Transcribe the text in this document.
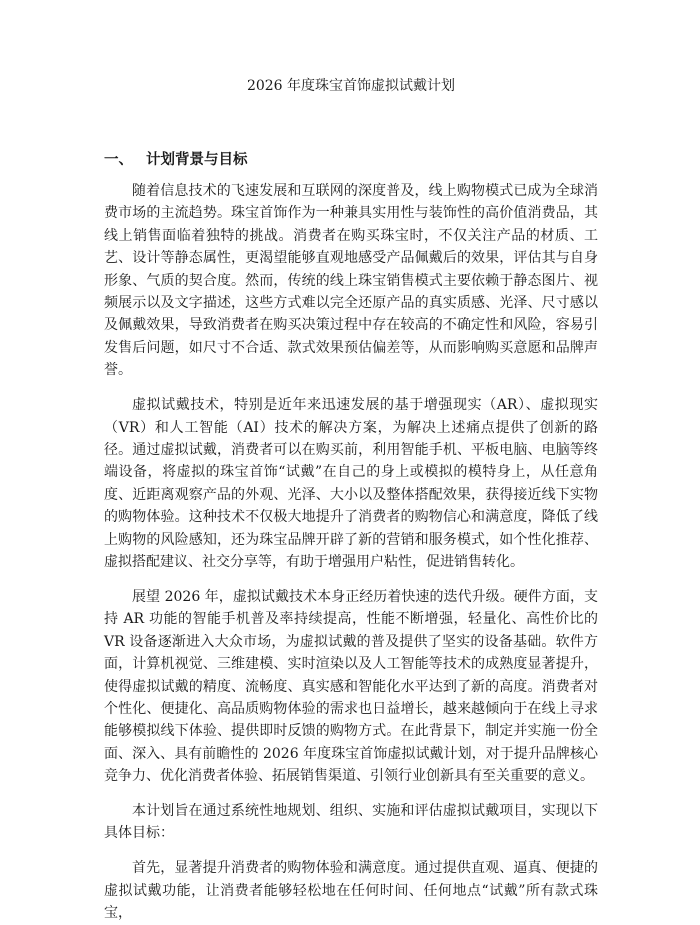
2026 年度珠宝首饰虚拟试戴计划
一、 计划背景与目标

随着信息技术的飞速发展和互联网的深度普及，线上购物模式已成为全球消费市场的主流趋势。珠宝首饰作为一种兼具实用性与装饰性的高价值消费品，其线上销售面临着独特的挑战。消费者在购买珠宝时，不仅关注产品的材质、工艺、设计等静态属性，更渴望能够直观地感受产品佩戴后的效果，评估其与自身形象、气质的契合度。然而，传统的线上珠宝销售模式主要依赖于静态图片、视频展示以及文字描述，这些方式难以完全还原产品的真实质感、光泽、尺寸感以及佩戴效果，导致消费者在购买决策过程中存在较高的不确定性和风险，容易引发售后问题，如尺寸不合适、款式效果预估偏差等，从而影响购买意愿和品牌声誉。

虚拟试戴技术，特别是近年来迅速发展的基于增强现实（AR）、虚拟现实（VR）和人工智能（AI）技术的解决方案，为解决上述痛点提供了创新的路径。通过虚拟试戴，消费者可以在购买前，利用智能手机、平板电脑、电脑等终端设备，将虚拟的珠宝首饰“试戴”在自己的身上或模拟的模特身上，从任意角度、近距离观察产品的外观、光泽、大小以及整体搭配效果，获得接近线下实物的购物体验。这种技术不仅极大地提升了消费者的购物信心和满意度，降低了线上购物的风险感知，还为珠宝品牌开辟了新的营销和服务模式，如个性化推荐、虚拟搭配建议、社交分享等，有助于增强用户粘性，促进销售转化。

展望 2026 年，虚拟试戴技术本身正经历着快速的迭代升级。硬件方面，支持 AR 功能的智能手机普及率持续提高，性能不断增强，轻量化、高性价比的 VR 设备逐渐进入大众市场，为虚拟试戴的普及提供了坚实的设备基础。软件方面，计算机视觉、三维建模、实时渲染以及人工智能等技术的成熟度显著提升，使得虚拟试戴的精度、流畅度、真实感和智能化水平达到了新的高度。消费者对个性化、便捷化、高品质购物体验的需求也日益增长，越来越倾向于在线上寻求能够模拟线下体验、提供即时反馈的购物方式。在此背景下，制定并实施一份全面、深入、具有前瞻性的 2026 年度珠宝首饰虚拟试戴计划，对于提升品牌核心竞争力、优化消费者体验、拓展销售渠道、引领行业创新具有至关重要的意义。

本计划旨在通过系统性地规划、组织、实施和评估虚拟试戴项目，实现以下具体目标：

首先，显著提升消费者的购物体验和满意度。通过提供直观、逼真、便捷的虚拟试戴功能，让消费者能够轻松地在任何时间、任何地点“试戴”所有款式珠宝，
